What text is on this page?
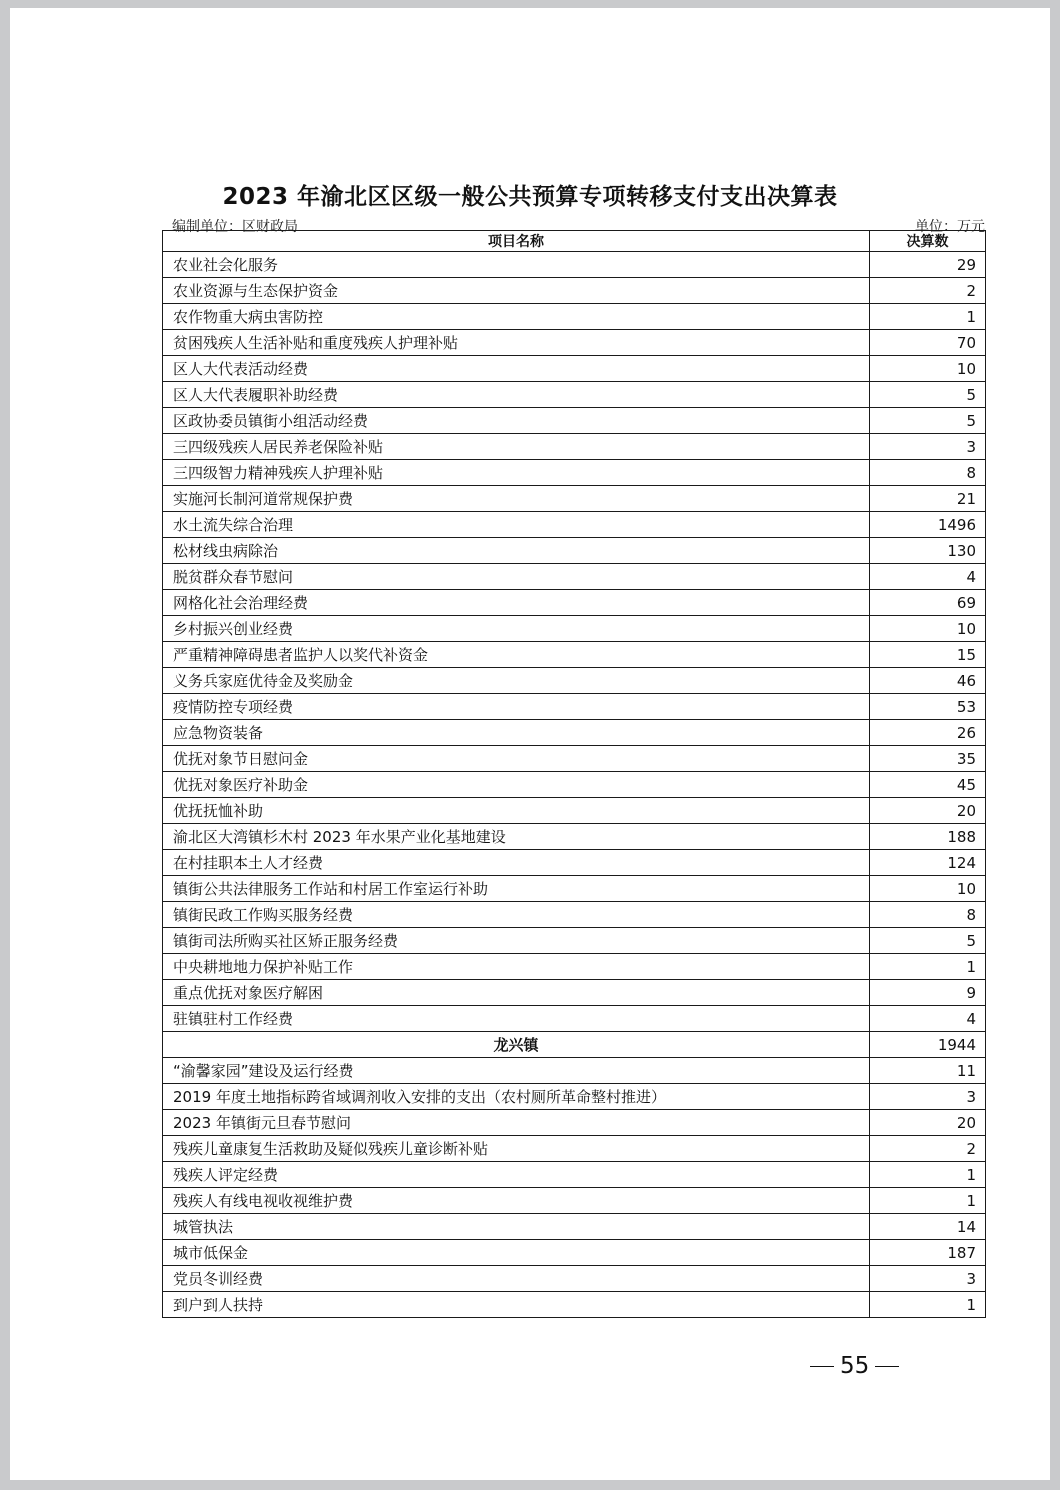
2023 年渝北区区级一般公共预算专项转移支付支出决算表
编制单位：区财政局	单位：万元
项目名称	决算数
农业社会化服务	29
农业资源与生态保护资金	2
农作物重大病虫害防控	1
贫困残疾人生活补贴和重度残疾人护理补贴	70
区人大代表活动经费	10
区人大代表履职补助经费	5
区政协委员镇街小组活动经费	5
三四级残疾人居民养老保险补贴	3
三四级智力精神残疾人护理补贴	8
实施河长制河道常规保护费	21
水土流失综合治理	1496
松材线虫病除治	130
脱贫群众春节慰问	4
网格化社会治理经费	69
乡村振兴创业经费	10
严重精神障碍患者监护人以奖代补资金	15
义务兵家庭优待金及奖励金	46
疫情防控专项经费	53
应急物资装备	26
优抚对象节日慰问金	35
优抚对象医疗补助金	45
优抚抚恤补助	20
渝北区大湾镇杉木村 2023 年水果产业化基地建设	188
在村挂职本土人才经费	124
镇街公共法律服务工作站和村居工作室运行补助	10
镇街民政工作购买服务经费	8
镇街司法所购买社区矫正服务经费	5
中央耕地地力保护补贴工作	1
重点优抚对象医疗解困	9
驻镇驻村工作经费	4
龙兴镇	1944
“渝馨家园”建设及运行经费	11
2019 年度土地指标跨省域调剂收入安排的支出（农村厕所革命整村推进）	3
2023 年镇街元旦春节慰问	20
残疾儿童康复生活救助及疑似残疾儿童诊断补贴	2
残疾人评定经费	1
残疾人有线电视收视维护费	1
城管执法	14
城市低保金	187
党员冬训经费	3
到户到人扶持	1
55
